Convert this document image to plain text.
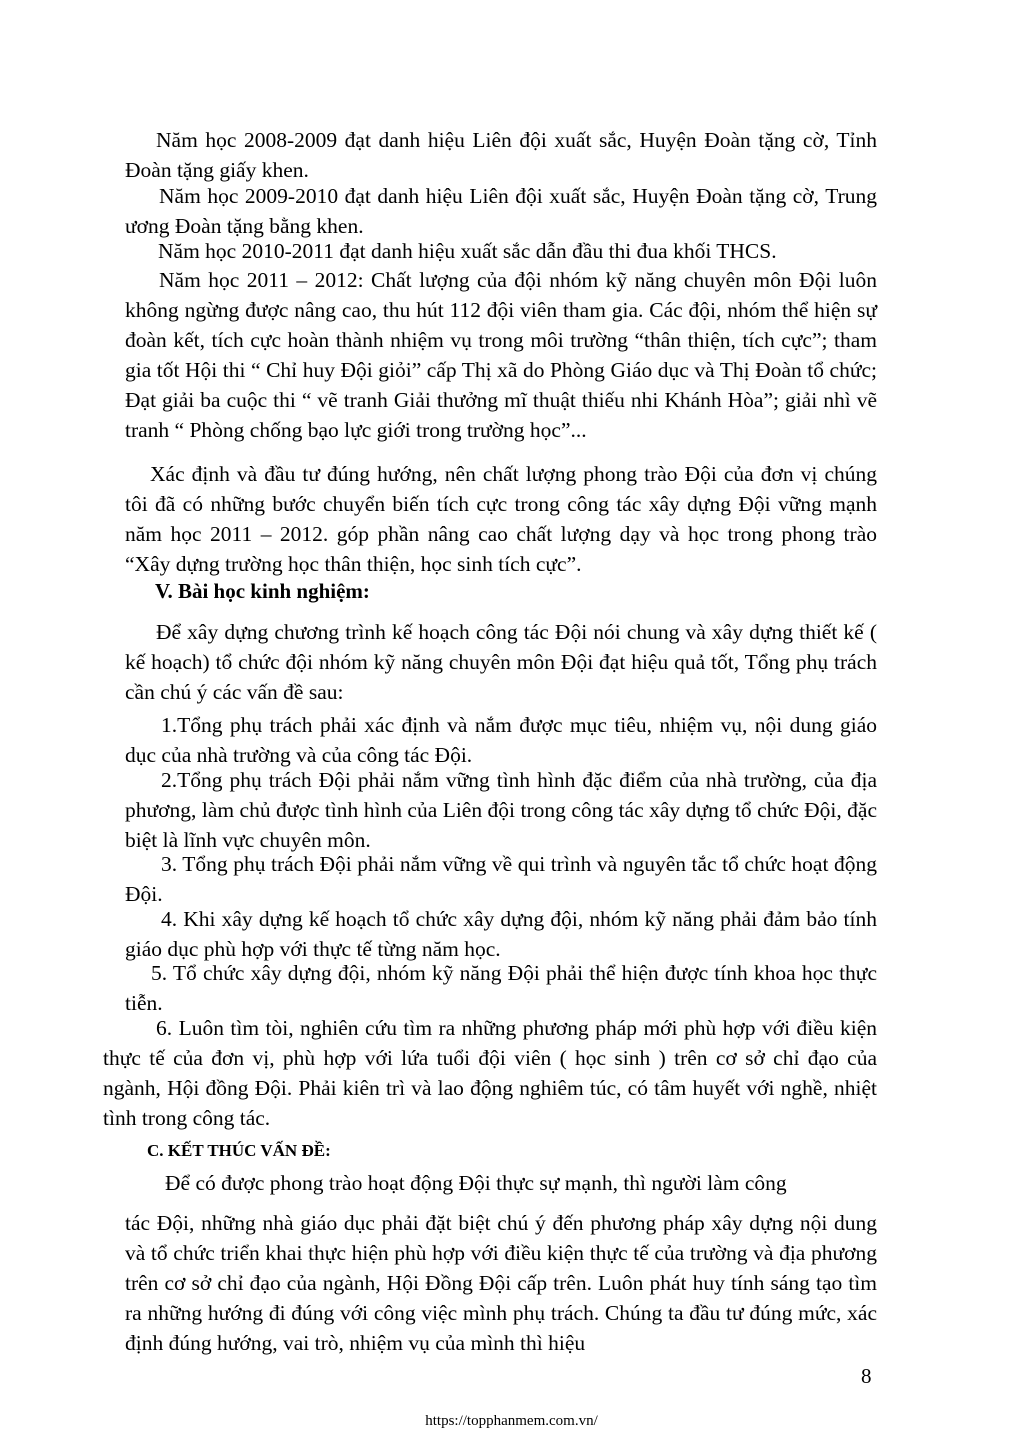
Năm học 2008-2009 đạt danh hiệu Liên đội xuất sắc, Huyện Đoàn tặng cờ, Tỉnh Đoàn tặng giấy khen.

Năm học 2009-2010 đạt danh hiệu Liên đội xuất sắc, Huyện Đoàn tặng cờ, Trung ương Đoàn tặng bằng khen.

Năm học 2010-2011 đạt danh hiệu xuất sắc dẫn đầu thi đua khối THCS.

Năm học 2011 – 2012: Chất lượng của đội nhóm kỹ năng chuyên môn Đội luôn không ngừng được nâng cao, thu hút 112 đội viên tham gia. Các đội, nhóm thể hiện sự đoàn kết, tích cực hoàn thành nhiệm vụ trong môi trường “thân thiện, tích cực”; tham gia tốt Hội thi “ Chỉ huy Đội giỏi” cấp Thị xã do Phòng Giáo dục và Thị Đoàn tổ chức; Đạt giải ba cuộc thi “ vẽ tranh Giải thưởng mĩ thuật thiếu nhi Khánh Hòa”; giải nhì vẽ tranh “ Phòng chống bạo lực giới trong trường học”...

Xác định và đầu tư đúng hướng, nên chất lượng phong trào Đội của đơn vị chúng tôi đã có những bước chuyển biến tích cực trong công tác xây dựng Đội vững mạnh năm học 2011 – 2012. góp phần nâng cao chất lượng dạy và học trong phong trào “Xây dựng trường học thân thiện, học sinh tích cực”.

V. Bài học kinh nghiệm:

Để xây dựng chương trình kế hoạch công tác Đội nói chung và xây dựng thiết kế ( kế hoạch) tổ chức đội nhóm kỹ năng chuyên môn Đội đạt hiệu quả tốt, Tổng phụ trách cần chú ý các vấn đề sau:

1.Tổng phụ trách phải xác định và nắm được mục tiêu, nhiệm vụ, nội dung giáo dục của nhà trường và của công tác Đội.

2.Tổng phụ trách Đội phải nắm vững tình hình đặc điểm của nhà trường, của địa phương, làm chủ được tình hình của Liên đội trong công tác xây dựng tổ chức Đội, đặc biệt là lĩnh vực chuyên môn.

3. Tổng phụ trách Đội phải nắm vững về qui trình và nguyên tắc tổ chức hoạt động Đội.

4. Khi xây dựng kế hoạch tổ chức xây dựng đội, nhóm kỹ năng phải đảm bảo tính giáo dục phù hợp với thực tế từng năm học.

5. Tổ chức xây dựng đội, nhóm kỹ năng Đội phải thể hiện được tính khoa học thực tiễn.

6. Luôn tìm tòi, nghiên cứu tìm ra những phương pháp mới phù hợp với điều kiện thực tế của đơn vị, phù hợp với lứa tuổi đội viên ( học sinh ) trên cơ sở chỉ đạo của ngành, Hội đồng Đội. Phải kiên trì và lao động nghiêm túc, có tâm huyết với nghề, nhiệt tình trong công tác.

C. KẾT THÚC VẤN ĐỀ:

Để có được phong trào hoạt động Đội thực sự mạnh, thì người làm công

tác Đội, những nhà giáo dục phải đặt biệt chú ý đến phương pháp xây dựng nội dung và tổ chức triển khai thực hiện phù hợp với điều kiện thực tế của trường và địa phương trên cơ sở chỉ đạo của ngành, Hội Đồng Đội cấp trên. Luôn phát huy tính sáng tạo tìm ra những hướng đi đúng với công việc mình phụ trách. Chúng ta đầu tư đúng mức, xác định đúng hướng, vai trò, nhiệm vụ của mình thì hiệu

8
https://topphanmem.com.vn/
